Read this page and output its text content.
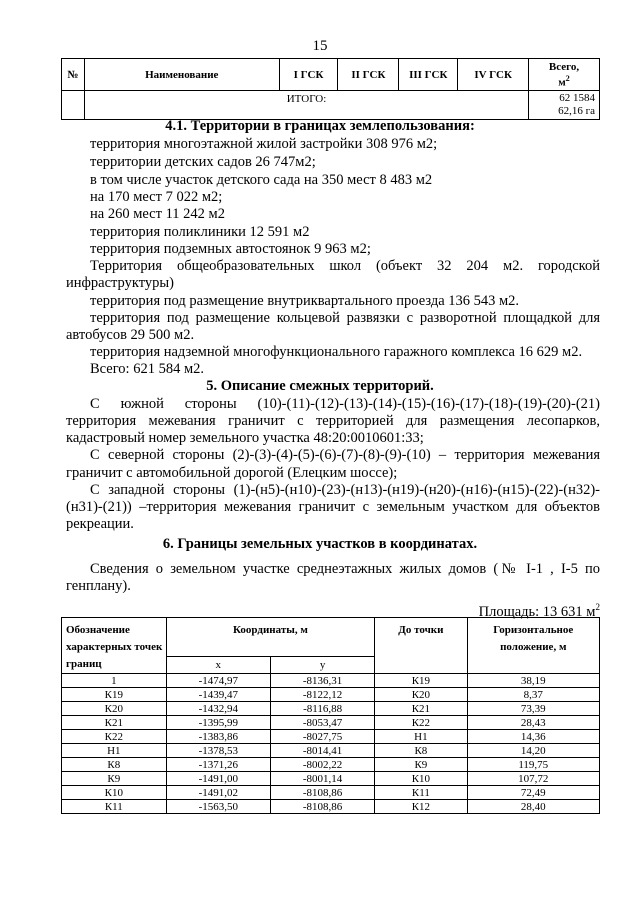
15
№	Наименование	I ГСК	II ГСК	III ГСК	IV ГСК	Всего,
$м^2$
	ИТОГО:					62 1584
62,16 га
4.1. Территории в границах землепользования:
территория многоэтажной жилой застройки 308 976 м2;
территории детских садов 26 747м2;
в том числе участок детского сада на 350 мест 8 483 м2
на 170 мест 7 022 м2;
на 260 мест 11 242 м2
территория поликлиники 12 591 м2
территория подземных автостоянок 9 963 м2;
Территория общеобразовательных школ (объект 32 204 м2. городской
инфраструктуры)
территория под размещение внутриквартального проезда 136 543 м2.
территория под размещение кольцевой развязки с разворотной площадкой для
автобусов 29 500 м2.
территория надземной многофункционального гаражного комплекса 16 629 м2.
Всего: 621 584 м2.
5. Описание смежных территорий.
С южной стороны (10)-(11)-(12)-(13)-(14)-(15)-(16)-(17)-(18)-(19)-(20)-(21)
территория межевания граничит с территорией для размещения лесопарков,
кадастровый номер земельного участка 48:20:0010601:33;
С северной стороны (2)-(3)-(4)-(5)-(6)-(7)-(8)-(9)-(10) – территория межевания
граничит с автомобильной дорогой (Елецким шоссе);
С западной стороны (1)-(н5)-(н10)-(23)-(н13)-(н19)-(н20)-(н16)-(н15)-(22)-(н32)-
(н31)-(21)) –территория межевания граничит с земельным участком для объектов
рекреации.
6. Границы земельных участков в координатах.
Сведения о земельном участке среднеэтажных жилых домов (№ I-1 , I-5 по
генплану).
Площадь: 13 631 $м^2$
Обозначение характерных точек границ	Координаты, м		До точки	Горизонтальное положение, м
	x	y		
1	-1474,97	-8136,31	К19	38,19
К19	-1439,47	-8122,12	К20	8,37
К20	-1432,94	-8116,88	К21	73,39
К21	-1395,99	-8053,47	К22	28,43
К22	-1383,86	-8027,75	Н1	14,36
Н1	-1378,53	-8014,41	К8	14,20
К8	-1371,26	-8002,22	К9	119,75
К9	-1491,00	-8001,14	К10	107,72
К10	-1491,02	-8108,86	К11	72,49
К11	-1563,50	-8108,86	К12	28,40
